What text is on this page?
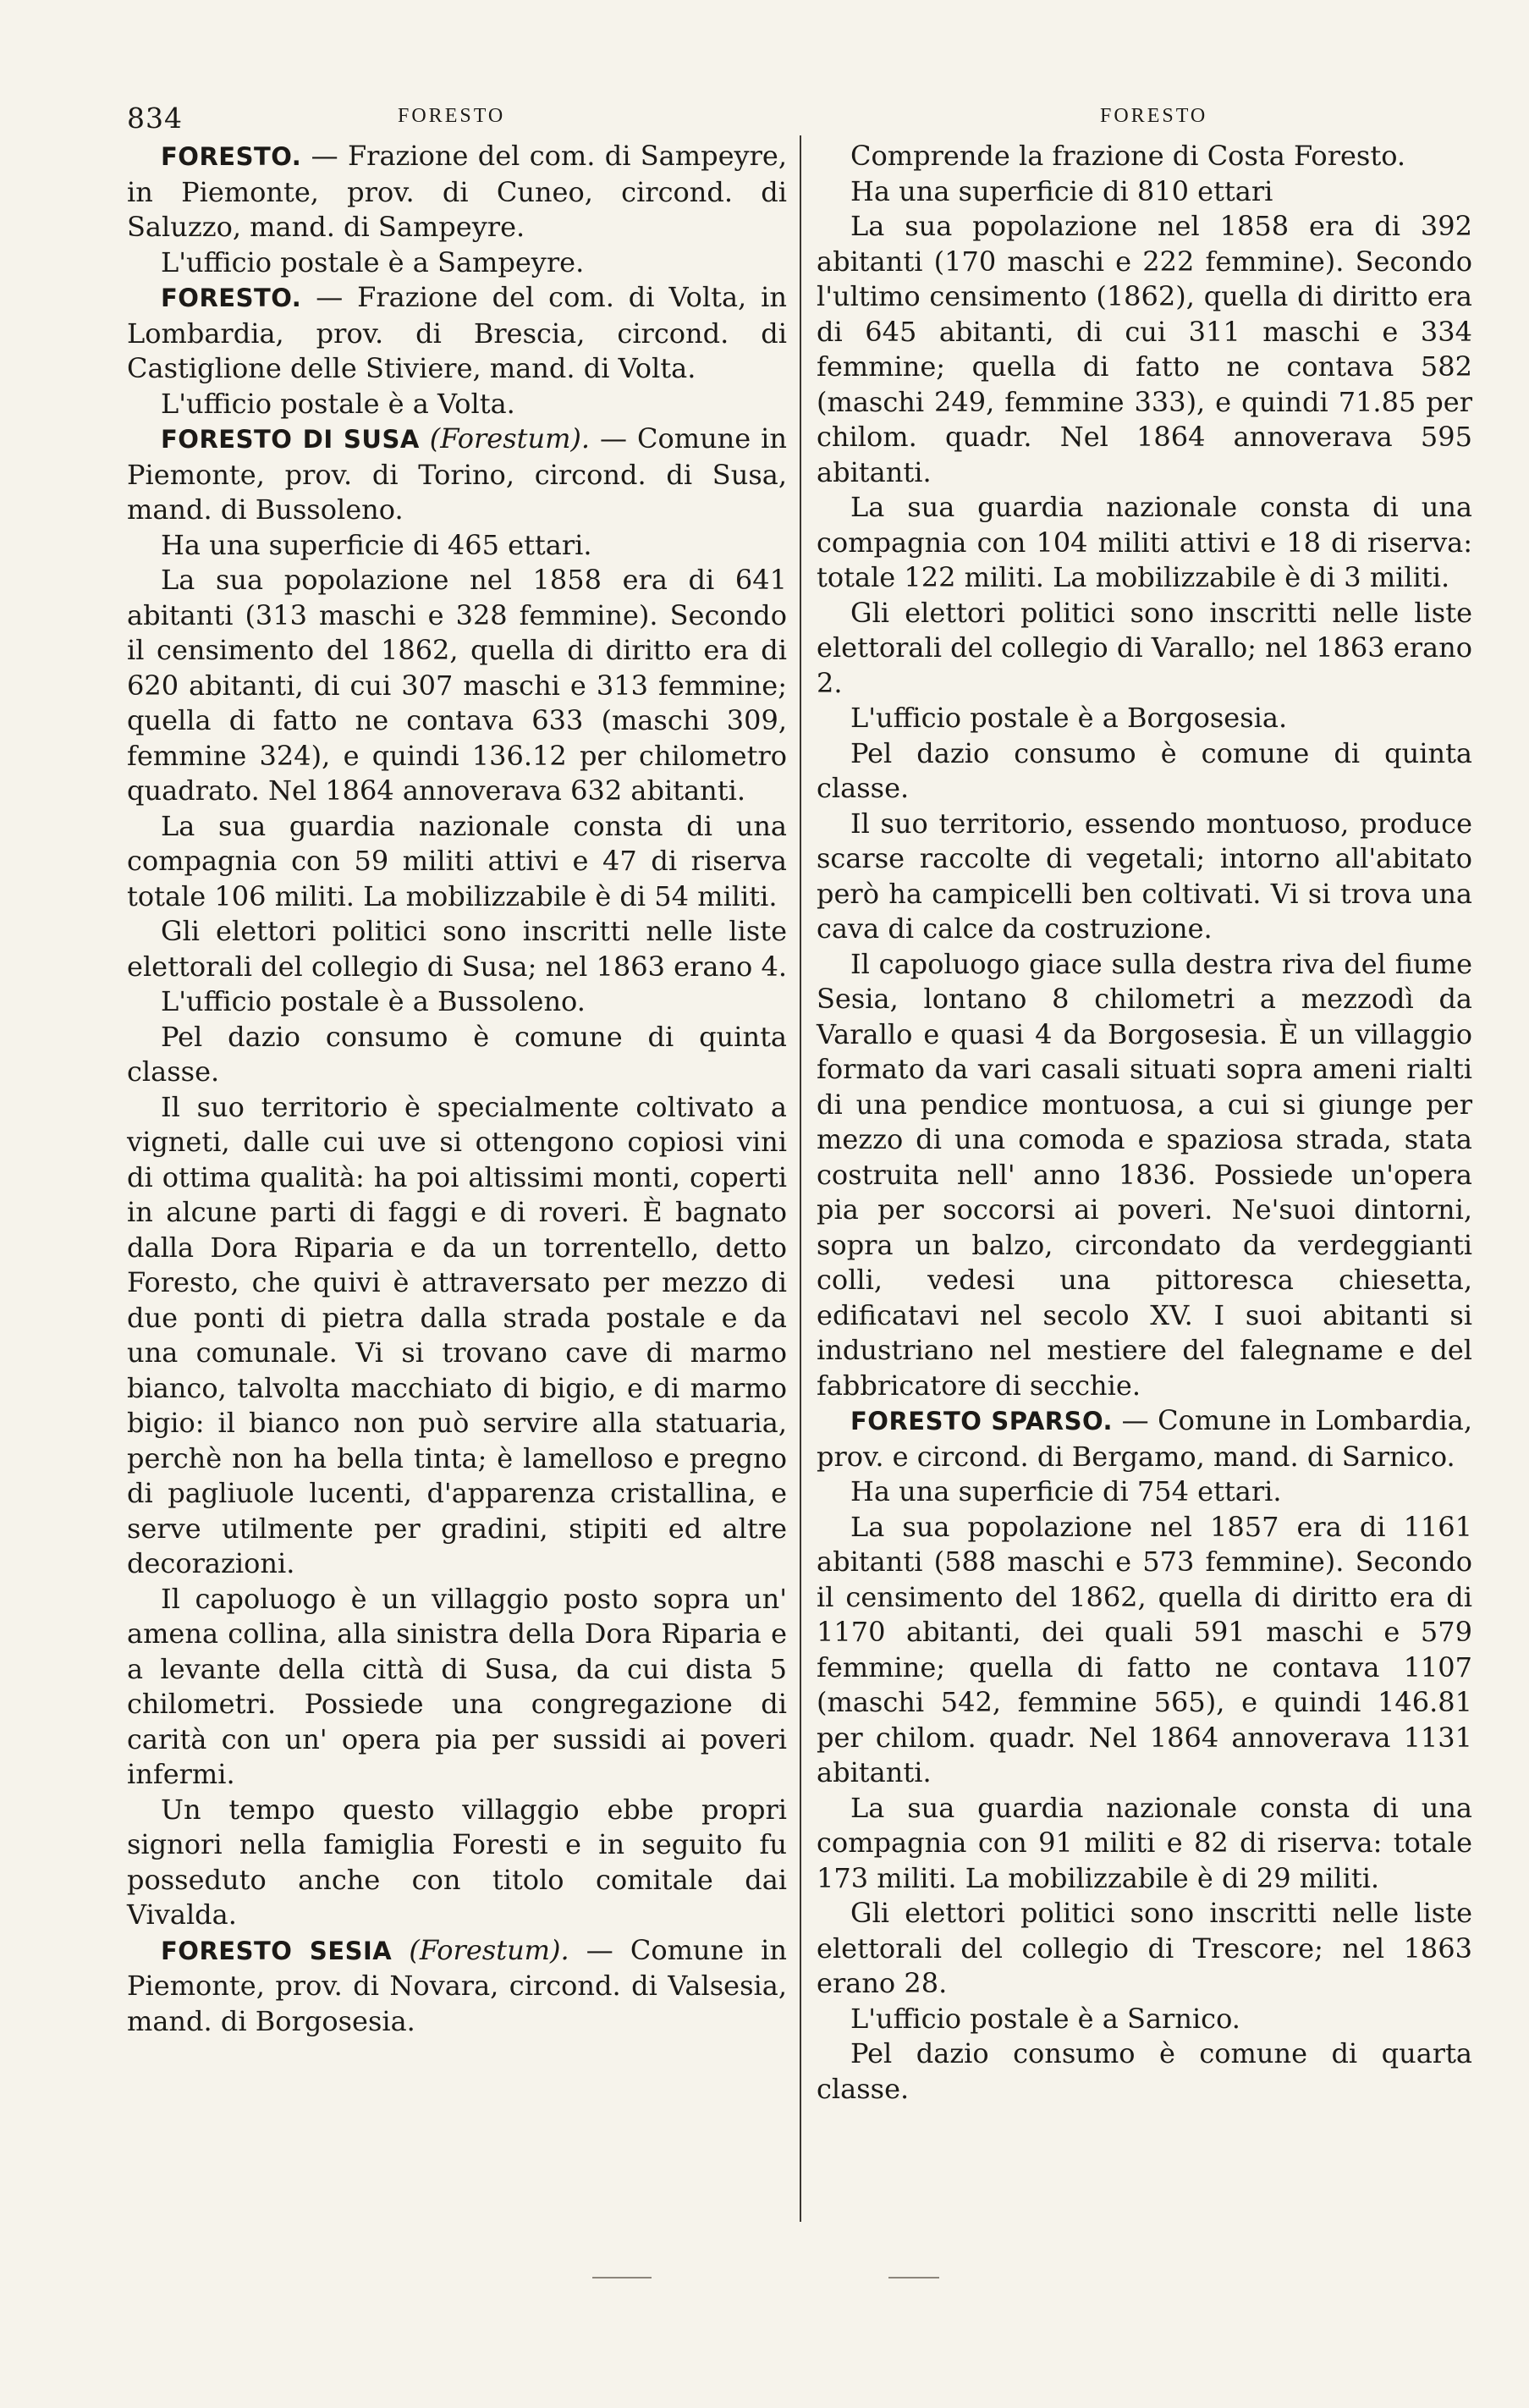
834	FORESTO	FORESTO

FORESTO. — Frazione del com. di Sampeyre, in Piemonte, prov. di Cuneo, circond. di Saluzzo, mand. di Sampeyre.

L'ufficio postale è a Sampeyre.

FORESTO. — Frazione del com. di Volta, in Lombardia, prov. di Brescia, circond. di Castiglione delle Stiviere, mand. di Volta.

L'ufficio postale è a Volta.

FORESTO DI SUSA (Forestum). — Comune in Piemonte, prov. di Torino, circond. di Susa, mand. di Bussoleno.

Ha una superficie di 465 ettari.

La sua popolazione nel 1858 era di 641 abitanti (313 maschi e 328 femmine). Secondo il censimento del 1862, quella di diritto era di 620 abitanti, di cui 307 maschi e 313 femmine; quella di fatto ne contava 633 (maschi 309, femmine 324), e quindi 136.12 per chilometro quadrato. Nel 1864 annoverava 632 abitanti.

La sua guardia nazionale consta di una compagnia con 59 militi attivi e 47 di riserva totale 106 militi. La mobilizzabile è di 54 militi.

Gli elettori politici sono inscritti nelle liste elettorali del collegio di Susa; nel 1863 erano 4.

L'ufficio postale è a Bussoleno.

Pel dazio consumo è comune di quinta classe.

Il suo territorio è specialmente coltivato a vigneti, dalle cui uve si ottengono copiosi vini di ottima qualità: ha poi altissimi monti, coperti in alcune parti di faggi e di roveri. È bagnato dalla Dora Riparia e da un torrentello, detto Foresto, che quivi è attraversato per mezzo di due ponti di pietra dalla strada postale e da una comunale. Vi si trovano cave di marmo bianco, talvolta macchiato di bigio, e di marmo bigio: il bianco non può servire alla statuaria, perchè non ha bella tinta; è lamelloso e pregno di pagliuole lucenti, d'apparenza cristallina, e serve utilmente per gradini, stipiti ed altre decorazioni.

Il capoluogo è un villaggio posto sopra un' amena collina, alla sinistra della Dora Riparia e a levante della città di Susa, da cui dista 5 chilometri. Possiede una congregazione di carità con un' opera pia per sussidi ai poveri infermi.

Un tempo questo villaggio ebbe propri signori nella famiglia Foresti e in seguito fu posseduto anche con titolo comitale dai Vivalda.

FORESTO SESIA (Forestum). — Comune in Piemonte, prov. di Novara, circond. di Valsesia, mand. di Borgosesia.

Comprende la frazione di Costa Foresto.

Ha una superficie di 810 ettari

La sua popolazione nel 1858 era di 392 abitanti (170 maschi e 222 femmine). Secondo l'ultimo censimento (1862), quella di diritto era di 645 abitanti, di cui 311 maschi e 334 femmine; quella di fatto ne contava 582 (maschi 249, femmine 333), e quindi 71.85 per chilom. quadr. Nel 1864 annoverava 595 abitanti.

La sua guardia nazionale consta di una compagnia con 104 militi attivi e 18 di riserva: totale 122 militi. La mobilizzabile è di 3 militi.

Gli elettori politici sono inscritti nelle liste elettorali del collegio di Varallo; nel 1863 erano 2.

L'ufficio postale è a Borgosesia.

Pel dazio consumo è comune di quinta classe.

Il suo territorio, essendo montuoso, produce scarse raccolte di vegetali; intorno all'abitato però ha campicelli ben coltivati. Vi si trova una cava di calce da costruzione.

Il capoluogo giace sulla destra riva del fiume Sesia, lontano 8 chilometri a mezzodì da Varallo e quasi 4 da Borgosesia. È un villaggio formato da vari casali situati sopra ameni rialti di una pendice montuosa, a cui si giunge per mezzo di una comoda e spaziosa strada, stata costruita nell' anno 1836. Possiede un'opera pia per soccorsi ai poveri. Ne'suoi dintorni, sopra un balzo, circondato da verdeggianti colli, vedesi una pittoresca chiesetta, edificatavi nel secolo XV. I suoi abitanti si industriano nel mestiere del falegname e del fabbricatore di secchie.

FORESTO SPARSO. — Comune in Lombardia, prov. e circond. di Bergamo, mand. di Sarnico.

Ha una superficie di 754 ettari.

La sua popolazione nel 1857 era di 1161 abitanti (588 maschi e 573 femmine). Secondo il censimento del 1862, quella di diritto era di 1170 abitanti, dei quali 591 maschi e 579 femmine; quella di fatto ne contava 1107 (maschi 542, femmine 565), e quindi 146.81 per chilom. quadr. Nel 1864 annoverava 1131 abitanti.

La sua guardia nazionale consta di una compagnia con 91 militi e 82 di riserva: totale 173 militi. La mobilizzabile è di 29 militi.

Gli elettori politici sono inscritti nelle liste elettorali del collegio di Trescore; nel 1863 erano 28.

L'ufficio postale è a Sarnico.

Pel dazio consumo è comune di quarta classe.
